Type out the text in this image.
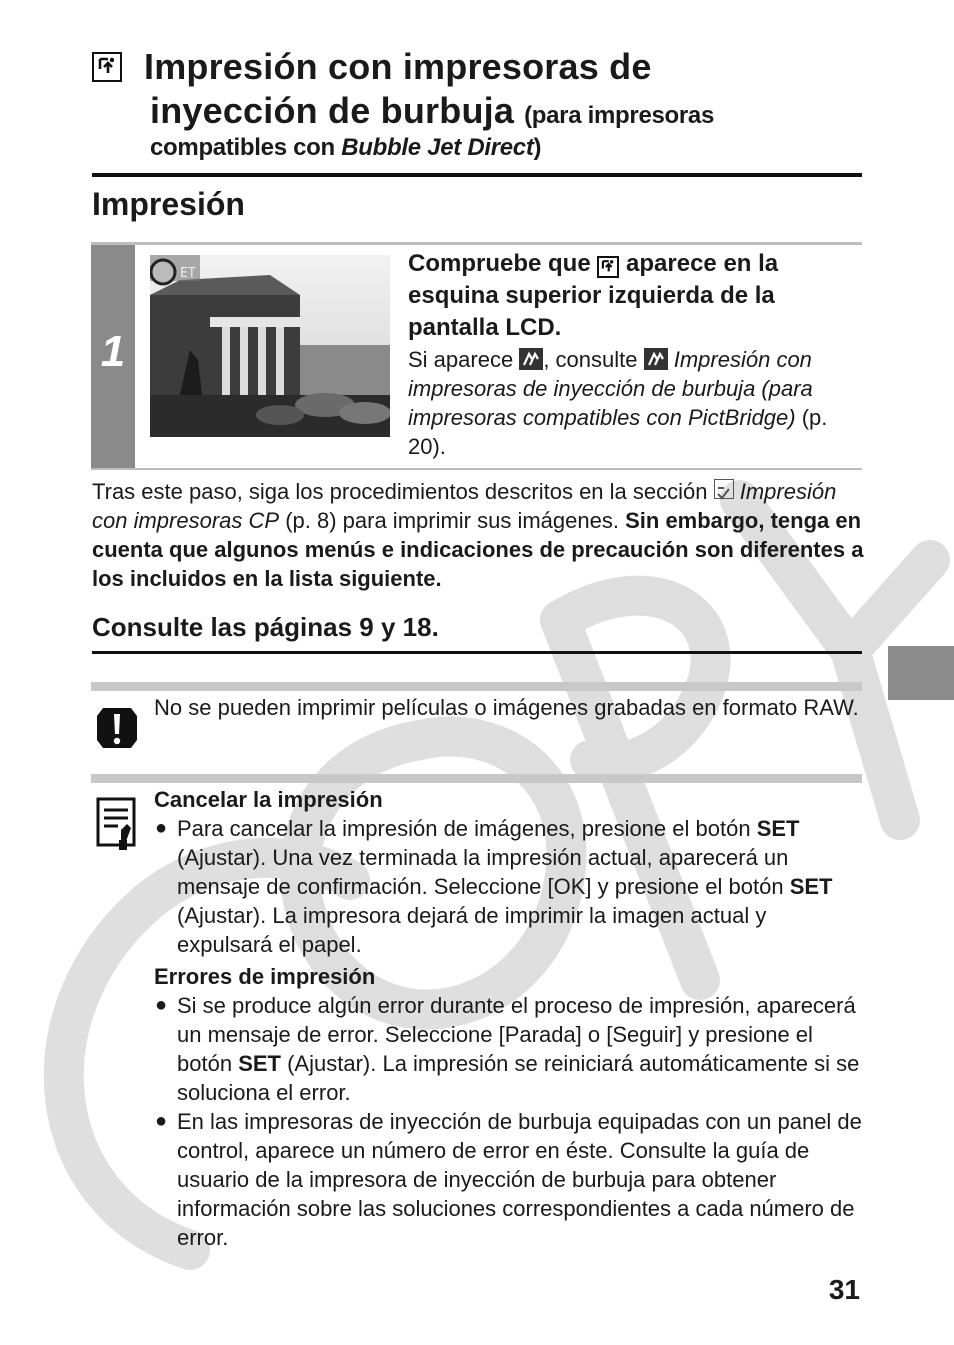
Impresión con impresoras de
inyección de burbuja (para impresoras
compatibles con Bubble Jet Direct)
Impresión
1
ET	Compruebe que aparece en la esquina superior izquierda de la pantalla LCD.
Si aparece , consulte Impresión con impresoras de inyección de burbuja (para impresoras compatibles con PictBridge) (p. 20).
Tras este paso, siga los procedimientos descritos en la sección Impresión con impresoras CP (p. 8) para imprimir sus imágenes. Sin embargo, tenga en cuenta que algunos menús e indicaciones de precaución son diferentes a los incluidos en la lista siguiente.
Consulte las páginas 9 y 18.
No se pueden imprimir películas o imágenes grabadas en formato RAW.
Cancelar la impresión
● Para cancelar la impresión de imágenes, presione el botón SET (Ajustar). Una vez terminada la impresión actual, aparecerá un mensaje de confirmación. Seleccione [OK] y presione el botón SET (Ajustar). La impresora dejará de imprimir la imagen actual y expulsará el papel.
Errores de impresión
● Si se produce algún error durante el proceso de impresión, aparecerá un mensaje de error. Seleccione [Parada] o [Seguir] y presione el botón SET (Ajustar). La impresión se reiniciará automáticamente si se soluciona el error.
● En las impresoras de inyección de burbuja equipadas con un panel de control, aparece un número de error en éste. Consulte la guía de usuario de la impresora de inyección de burbuja para obtener información sobre las soluciones correspondientes a cada número de error.
31
